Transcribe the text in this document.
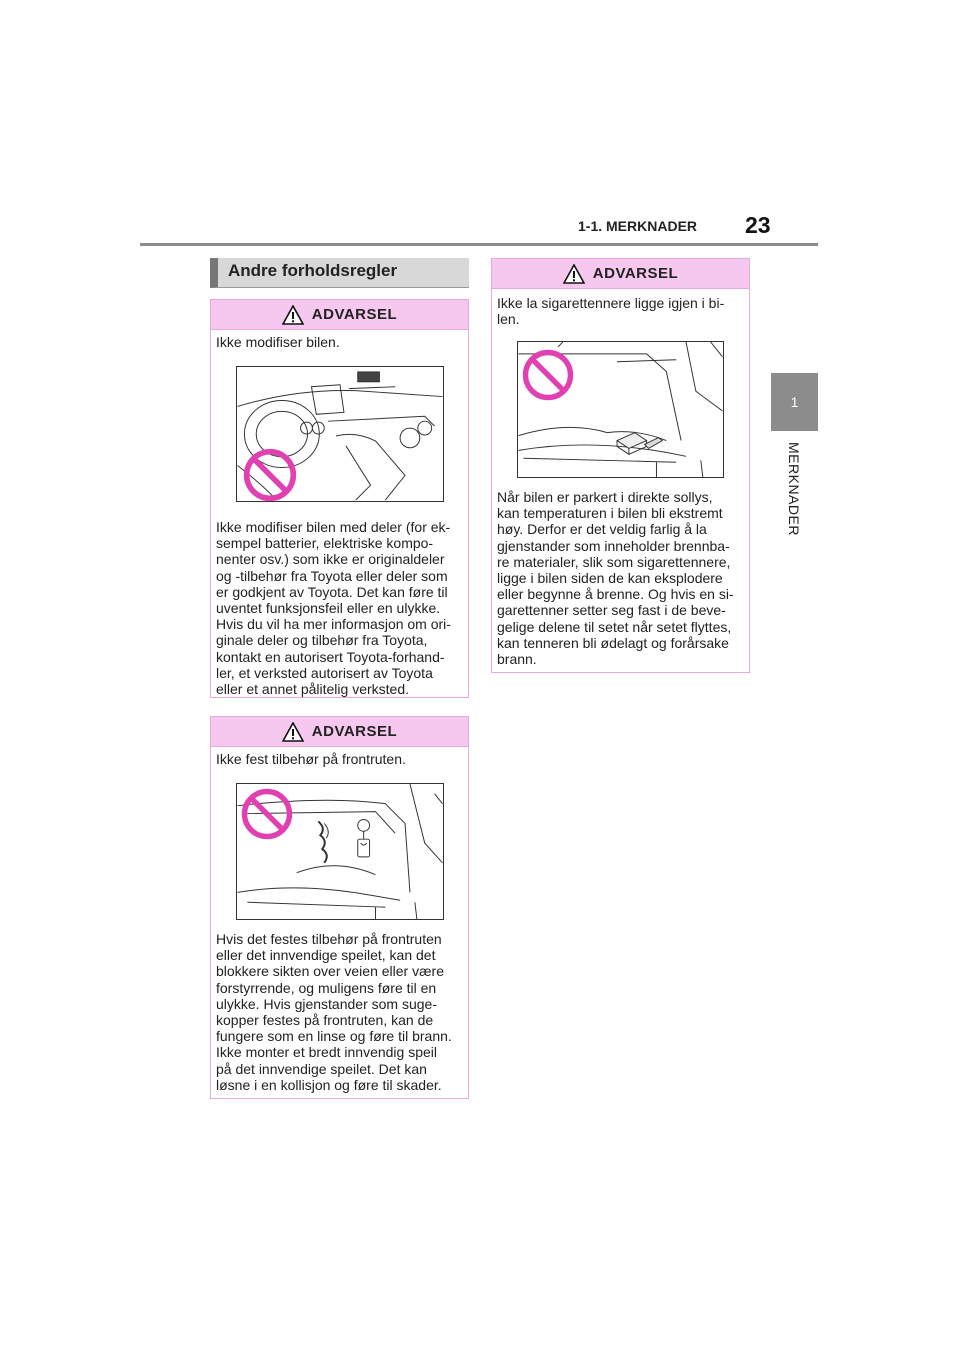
1-1. MERKNADER 23
1
MERKNADER
Andre forholdsregler
ADVARSEL
Ikke modifiser bilen.
Ikke modifiser bilen med deler (for ek-
sempel batterier, elektriske kompo-
nenter osv.) som ikke er originaldeler
og -tilbehør fra Toyota eller deler som
er godkjent av Toyota. Det kan føre til
uventet funksjonsfeil eller en ulykke.
Hvis du vil ha mer informasjon om ori-
ginale deler og tilbehør fra Toyota,
kontakt en autorisert Toyota-forhand-
ler, et verksted autorisert av Toyota
eller et annet pålitelig verksted.
ADVARSEL
Ikke fest tilbehør på frontruten.
Hvis det festes tilbehør på frontruten
eller det innvendige speilet, kan det
blokkere sikten over veien eller være
forstyrrende, og muligens føre til en
ulykke. Hvis gjenstander som suge-
kopper festes på frontruten, kan de
fungere som en linse og føre til brann.
Ikke monter et bredt innvendig speil
på det innvendige speilet. Det kan
løsne i en kollisjon og føre til skader.
ADVARSEL
Ikke la sigarettennere ligge igjen i bi-
len.
Når bilen er parkert i direkte sollys,
kan temperaturen i bilen bli ekstremt
høy. Derfor er det veldig farlig å la
gjenstander som inneholder brennba-
re materialer, slik som sigarettennere,
ligge i bilen siden de kan eksplodere
eller begynne å brenne. Og hvis en si-
garettenner setter seg fast i de beve-
gelige delene til setet når setet flyttes,
kan tenneren bli ødelagt og forårsake
brann.
